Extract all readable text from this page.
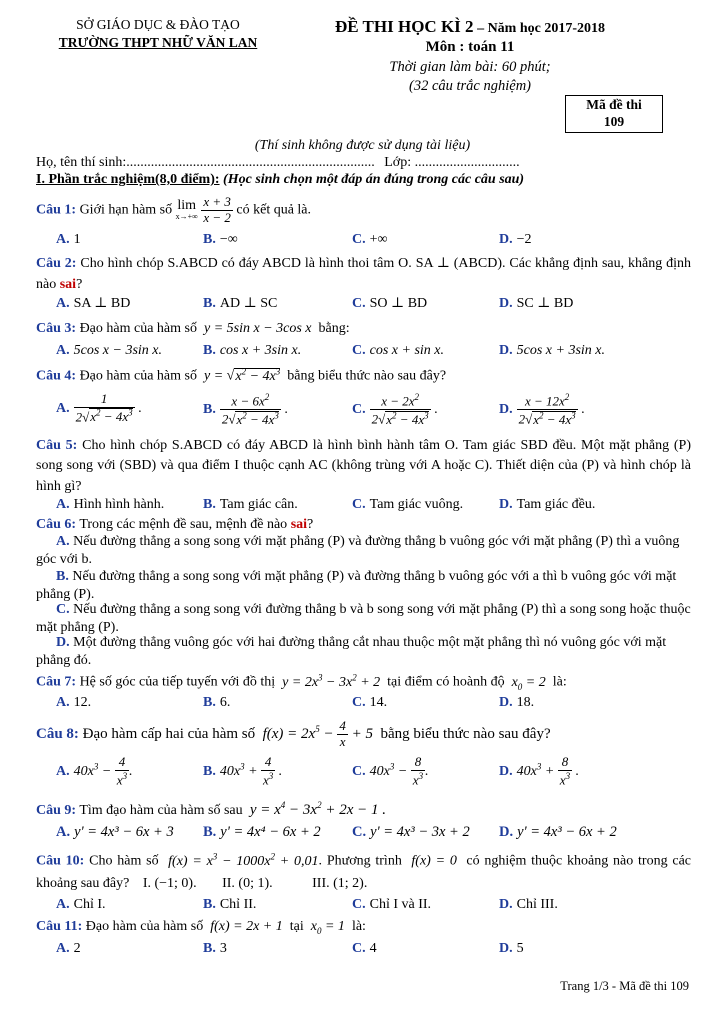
SỞ GIÁO DỤC & ĐÀO TẠO
TRƯỜNG THPT NHỮ VĂN LAN
ĐỀ THI HỌC KÌ 2 – Năm học 2017-2018
Môn : toán 11
Thời gian làm bài: 60 phút;
(32 câu trắc nghiệm)
Mã đề thi
109
(Thí sinh không được sử dụng tài liệu)
Họ, tên thí sinh:....................................................................... Lớp: ..............................
I. Phần trắc nghiệm(8,0 điểm): (Học sinh chọn một đáp án đúng trong các câu sau)
Câu 1: Giới hạn hàm số lim
x→+∞
$\frac{x + 3}{x - 2}$ có kết quả là.
A. 1	B. −∞	C. +∞	D. −2
Câu 2: Cho hình chóp S.ABCD có đáy ABCD là hình thoi tâm O. SA ⊥ (ABCD). Các khẳng định sau, khẳng định nào sai?
A. SA ⊥ BD	B. AD ⊥ SC	C. SO ⊥ BD	D. SC ⊥ BD
Câu 3: Đạo hàm của hàm số  y = 5sin x − 3cos x  bằng:
A. 5cos x − 3sin x.	B. cos x + 3sin x.	C. cos x + sin x.	D. 5cos x + 3sin x.
Câu 4: Đạo hàm của hàm số  $y = √x^2 - 4x^3$ bằng biểu thức nào sau đây?
A. $\frac{1}{2√x^2 - 4x^3}$ .	B. $\frac{x - 6x^2}{2√x^2 - 4x^3}$ .	C. $\frac{x - 2x^2}{2√x^2 - 4x^3}$ .	D. $\frac{x - 12x^2}{2√x^2 - 4x^3}$ .
Câu 5: Cho hình chóp S.ABCD có đáy ABCD là hình bình hành tâm O. Tam giác SBD đều. Một mặt phẳng (P) song song với (SBD) và qua điểm I thuộc cạnh AC (không trùng với A hoặc C). Thiết diện của (P) và hình chóp là hình gì?
A. Hình hình hành.	B. Tam giác cân.	C. Tam giác vuông.	D. Tam giác đều.
Câu 6: Trong các mệnh đề sau, mệnh đề nào sai?
A. Nếu đường thẳng a song song với mặt phẳng (P) và đường thẳng b vuông góc với mặt phẳng (P) thì a vuông góc với b.
B. Nếu đường thẳng a song song với mặt phẳng (P) và đường thẳng b vuông góc với a thì b vuông góc với mặt phẳng (P).
C. Nếu đường thẳng a song song với đường thẳng b và b song song với mặt phẳng (P) thì a song song hoặc thuộc mặt phẳng (P).
D. Một đường thẳng vuông góc với hai đường thẳng cắt nhau thuộc một mặt phẳng thì nó vuông góc với mặt phẳng đó.
Câu 7: Hệ số góc của tiếp tuyến với đồ thị  $y = 2x^3 - 3x^2 + 2$  tại điểm có hoành độ  $x_0 = 2$  là:
A. 12.	B. 6.	C. 14.	D. 18.
Câu 8: Đạo hàm cấp hai của hàm số  $f(x) = 2x^5 - \frac{4}{x} + 5$  bằng biểu thức nào sau đây?
A. $40x^3 - \frac{4}{x^3}$ .	B. $40x^3 + \frac{4}{x^3}$ .	C. $40x^3 - \frac{8}{x^3}$ .	D. $40x^3 + \frac{8}{x^3}$ .
Câu 9: Tìm đạo hàm của hàm số sau  $y = x^4 - 3x^2 + 2x - 1$ .
A. y' = 4x³ − 6x + 3 B. y' = 4x⁴ − 6x + 2 C. y' = 4x³ − 3x + 2 D. y' = 4x³ − 6x + 2
Câu 10: Cho hàm số  $f(x) = x^3 - 1000x^2 + 0,01$. Phương trình  f(x) = 0  có nghiệm thuộc khoảng nào trong các khoảng sau đây? I. (−1; 0). II. (0; 1).	III. (1; 2).
A. Chỉ I.	B. Chỉ II.	C. Chỉ I và II.	D. Chỉ III.
Câu 11: Đạo hàm của hàm số  f(x) = 2x + 1  tại  $x_0 = 1$  là:
A. 2	B. 3	C. 4	D. 5
Trang 1/3 - Mã đề thi 109
